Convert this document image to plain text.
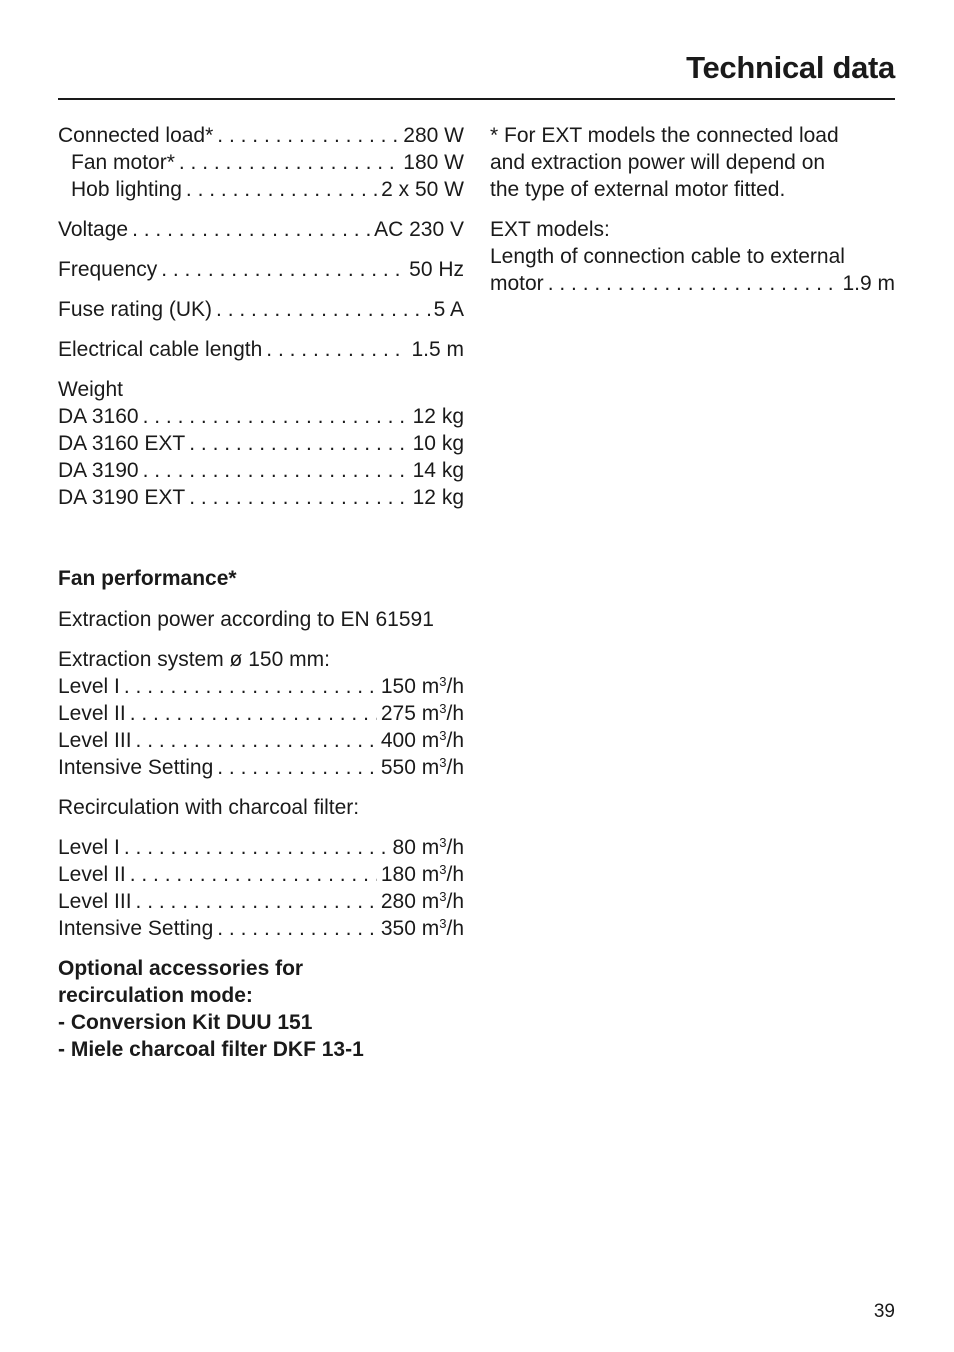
Technical data
Connected load* . . .	280 W
Fan motor* . . .	180 W
Hob lighting . . .	2 x 50 W
Voltage . . .	AC 230 V
Frequency . . .	50 Hz
Fuse rating (UK) . . .	5 A
Electrical cable length . . .	1.5 m
Weight
DA 3160 . . .	12 kg
DA 3160 EXT . . .	10 kg
DA 3190 . . .	14 kg
DA 3190 EXT . . .	12 kg
Fan performance*
Extraction power according to EN 61591
Extraction system ø 150 mm:
Level I . . .	150 $m^3/h$
Level II . . .	275 $m^3/h$
Level III . . .	400 $m^3/h$
Intensive Setting . . .	550 $m^3/h$
Recirculation with charcoal filter:
Level I . . .	80 $m^3/h$
Level II . . .	180 $m^3/h$
Level III . . .	280 $m^3/h$
Intensive Setting . . .	350 $m^3/h$
Optional accessories for
recirculation mode:
- Conversion Kit DUU 151
- Miele charcoal filter DKF 13-1
* For EXT models the connected load
and extraction power will depend on
the type of external motor fitted.
EXT models:
Length of connection cable to external
motor . . .	1.9 m
39
